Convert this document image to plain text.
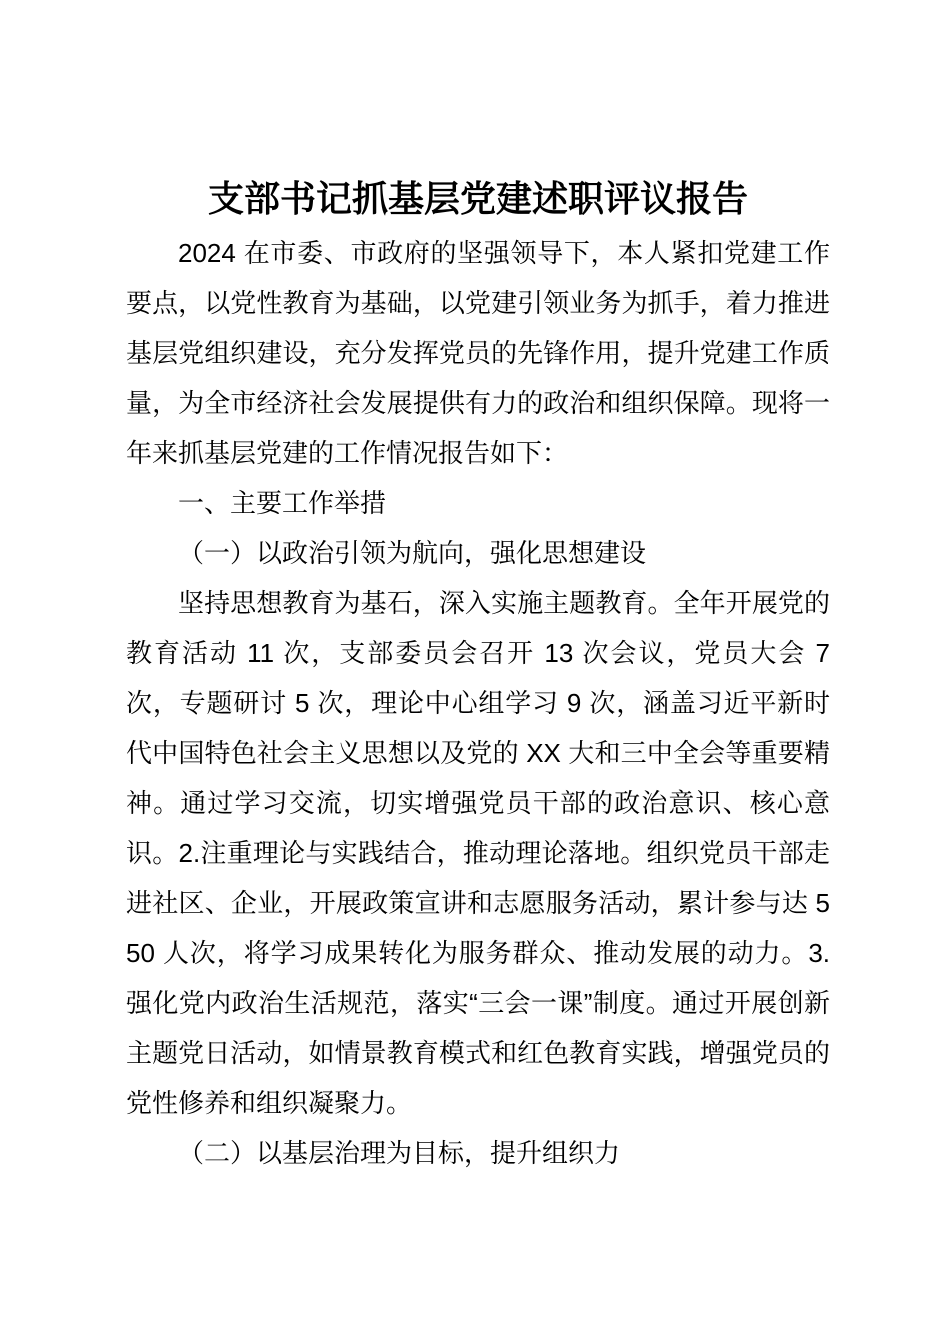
支部书记抓基层党建述职评议报告
2024 在市委、市政府的坚强领导下，本人紧扣党建工作要点，以党性教育为基础，以党建引领业务为抓手，着力推进基层党组织建设，充分发挥党员的先锋作用，提升党建工作质量，为全市经济社会发展提供有力的政治和组织保障。现将一年来抓基层党建的工作情况报告如下：
一、主要工作举措
（一）以政治引领为航向，强化思想建设
坚持思想教育为基石，深入实施主题教育。全年开展党的教育活动 11 次，支部委员会召开 13 次会议，党员大会 7 次，专题研讨 5 次，理论中心组学习 9 次，涵盖习近平新时代中国特色社会主义思想以及党的 XX 大和三中全会等重要精神。通过学习交流，切实增强党员干部的政治意识、核心意识。2.注重理论与实践结合，推动理论落地。组织党员干部走进社区、企业，开展政策宣讲和志愿服务活动，累计参与达 550 人次，将学习成果转化为服务群众、推动发展的动力。3.强化党内政治生活规范，落实“三会一课”制度。通过开展创新主题党日活动，如情景教育模式和红色教育实践，增强党员的党性修养和组织凝聚力。
（二）以基层治理为目标，提升组织力
